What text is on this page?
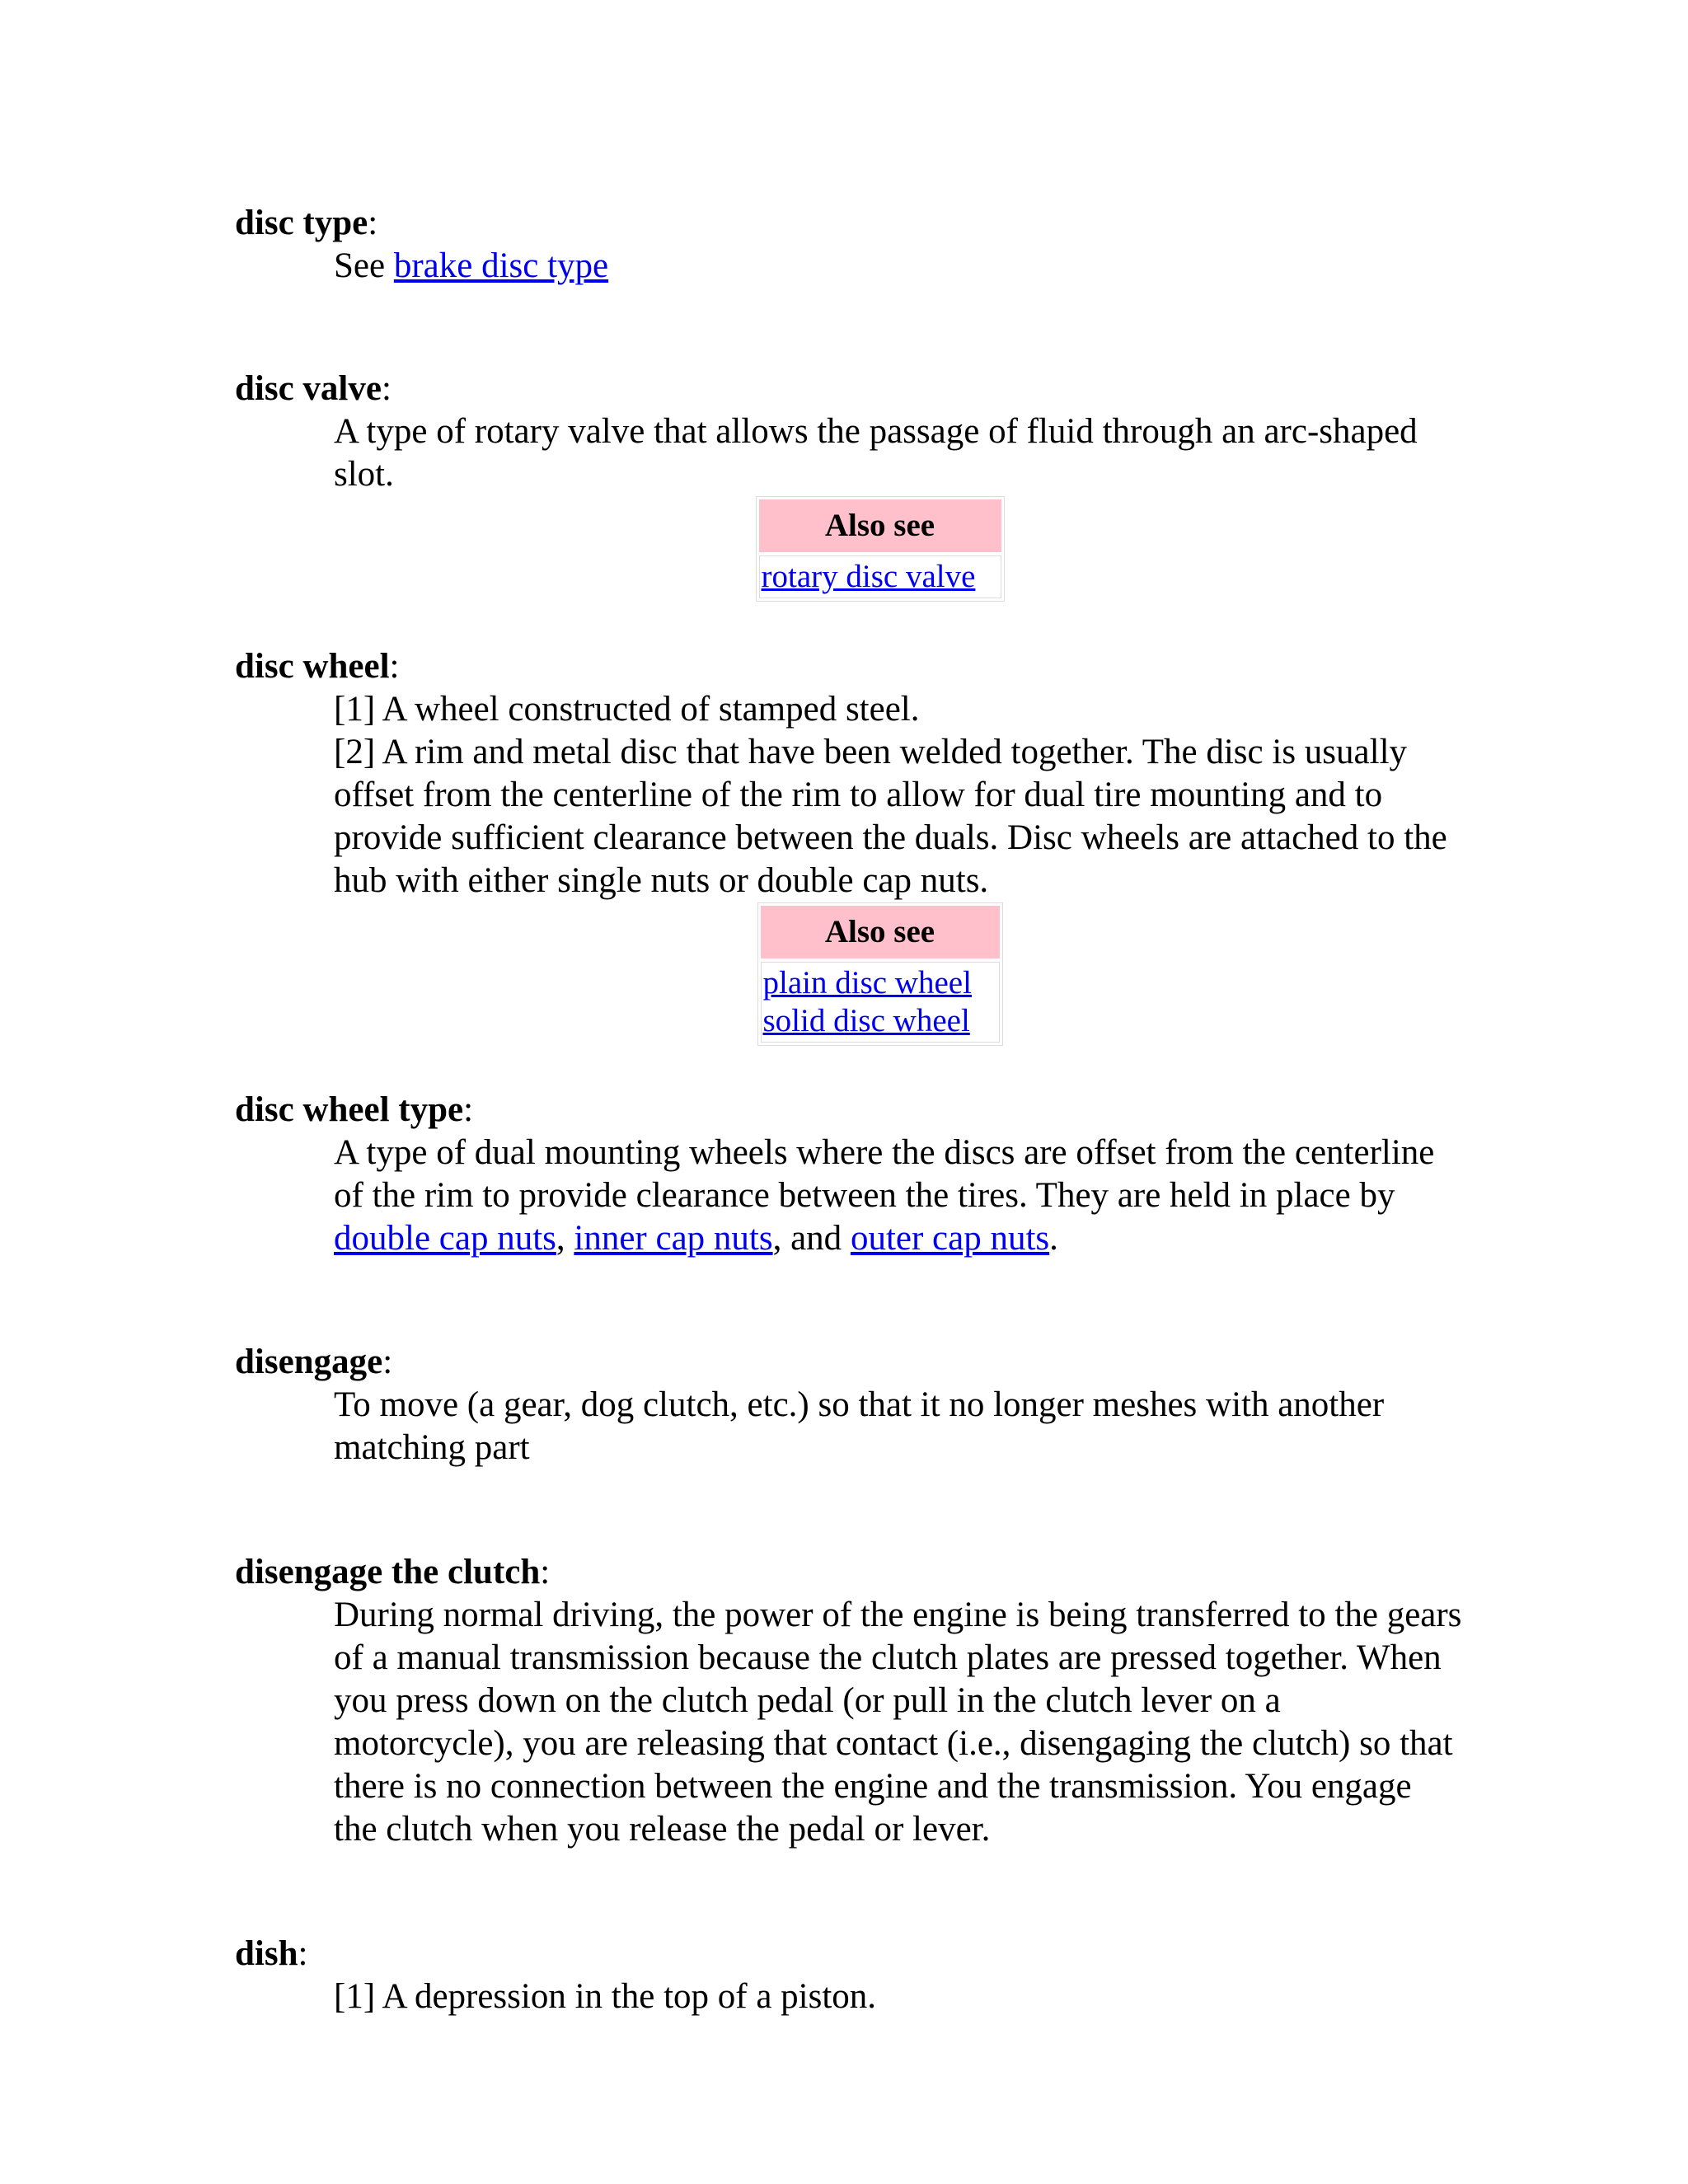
disc type:

See brake disc type

disc valve:

A type of rotary valve that allows the passage of fluid through an arc-shaped slot.

Also see
rotary disc valve

disc wheel:

[1] A wheel constructed of stamped steel.

[2] A rim and metal disc that have been welded together. The disc is usually offset from the centerline of the rim to allow for dual tire mounting and to provide sufficient clearance between the duals. Disc wheels are attached to the hub with either single nuts or double cap nuts.

Also see
plain disc wheel
solid disc wheel

disc wheel type:

A type of dual mounting wheels where the discs are offset from the centerline of the rim to provide clearance between the tires. They are held in place by double cap nuts, inner cap nuts, and outer cap nuts.

disengage:

To move (a gear, dog clutch, etc.) so that it no longer meshes with another matching part

disengage the clutch:

During normal driving, the power of the engine is being transferred to the gears of a manual transmission because the clutch plates are pressed together. When you press down on the clutch pedal (or pull in the clutch lever on a motorcycle), you are releasing that contact (i.e., disengaging the clutch) so that there is no connection between the engine and the transmission. You engage the clutch when you release the pedal or lever.

dish:

[1] A depression in the top of a piston.
